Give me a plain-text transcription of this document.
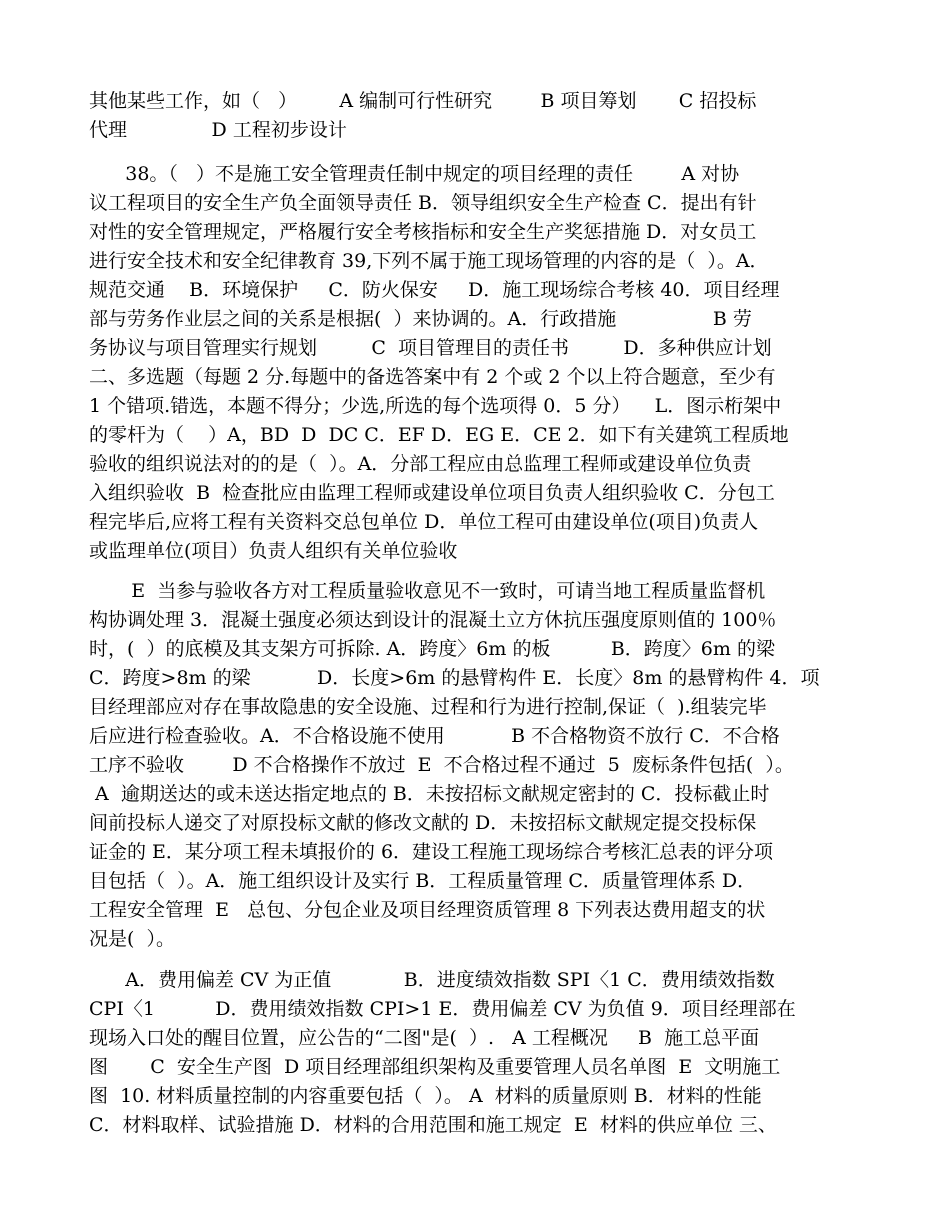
其他某些工作，如（   ）       A 编制可行性研究        B 项目筹划       C 招投标
代理              D 工程初步设计
38。（   ）不是施工安全管理责任制中规定的项目经理的责任        A 对协
议工程项目的安全生产负全面领导责任 B．领导组织安全生产检查 C．提出有针
对性的安全管理规定，严格履行安全考核指标和安全生产奖惩措施 D．对女员工
进行安全技术和安全纪律教育 39,下列不属于施工现场管理的内容的是（  ）。A．
规范交通    B．环境保护     C．防火保安     D．施工现场综合考核 40．项目经理
部与劳务作业层之间的关系是根据(  ）来协调的。A．行政措施                B 劳
务协议与项目管理实行规划         C  项目管理目的责任书         D．多种供应计划
二、多选题（每题 2 分.每题中的备选答案中有 2 个或 2 个以上符合题意，至少有
1 个错项.错选，本题不得分；少选,所选的每个选项得 0．5 分）    L．图示桁架中
的零杆为（    ）A，BD  D  DC C．EF D．EG E．CE 2．如下有关建筑工程质地
验收的组织说法对的的是（  ）。A．分部工程应由总监理工程师或建设单位负责
入组织验收  B  检查批应由监理工程师或建设单位项目负责人组织验收 C．分包工
程完毕后,应将工程有关资料交总包单位 D．单位工程可由建设单位(项目)负责人
或监理单位(项目）负责人组织有关单位验收
E  当参与验收各方对工程质量验收意见不一致时，可请当地工程质量监督机
构协调处理 3．混凝土强度必须达到设计的混凝土立方休抗压强度原则值的 100％
时，(  ）的底模及其支架方可拆除. A．跨度〉6m 的板          B．跨度〉6m 的梁
C．跨度>8m 的梁           D．长度>6m 的悬臂构件 E．长度〉8m 的悬臂构件 4．项
目经理部应对存在事故隐患的安全设施、过程和行为进行控制,保证（  ).组装完毕
后应进行检查验收。A．不合格设施不使用           B 不合格物资不放行 C．不合格
工序不验收        D 不合格操作不放过  E  不合格过程不通过  5  废标条件包括(  ）。
A  逾期送达的或未送达指定地点的 B．未按招标文献规定密封的 C．投标截止时
间前投标人递交了对原投标文献的修改文献的 D．未按招标文献规定提交投标保
证金的 E．某分项工程未填报价的 6．建设工程施工现场综合考核汇总表的评分项
目包括（  ）。A．施工组织设计及实行 B．工程质量管理 C．质量管理体系 D．
工程安全管理  E   总包、分包企业及项目经理资质管理 8 下列表达费用超支的状
况是(  ）。
A．费用偏差 CV 为正值            B．进度绩效指数 SPI〈1 C．费用绩效指数
CPI〈1          D．费用绩效指数 CPI>1 E．费用偏差 CV 为负值 9．项目经理部在
现场入口处的醒目位置，应公告的“二图"是(  ）.   A 工程概况     B  施工总平面
图       C  安全生产图  D 项目经理部组织架构及重要管理人员名单图  E  文明施工
图  10. 材料质量控制的内容重要包括（  ）。 A  材料的质量原则 B．材料的性能
C．材料取样、试验措施 D．材料的合用范围和施工规定  E  材料的供应单位 三、
